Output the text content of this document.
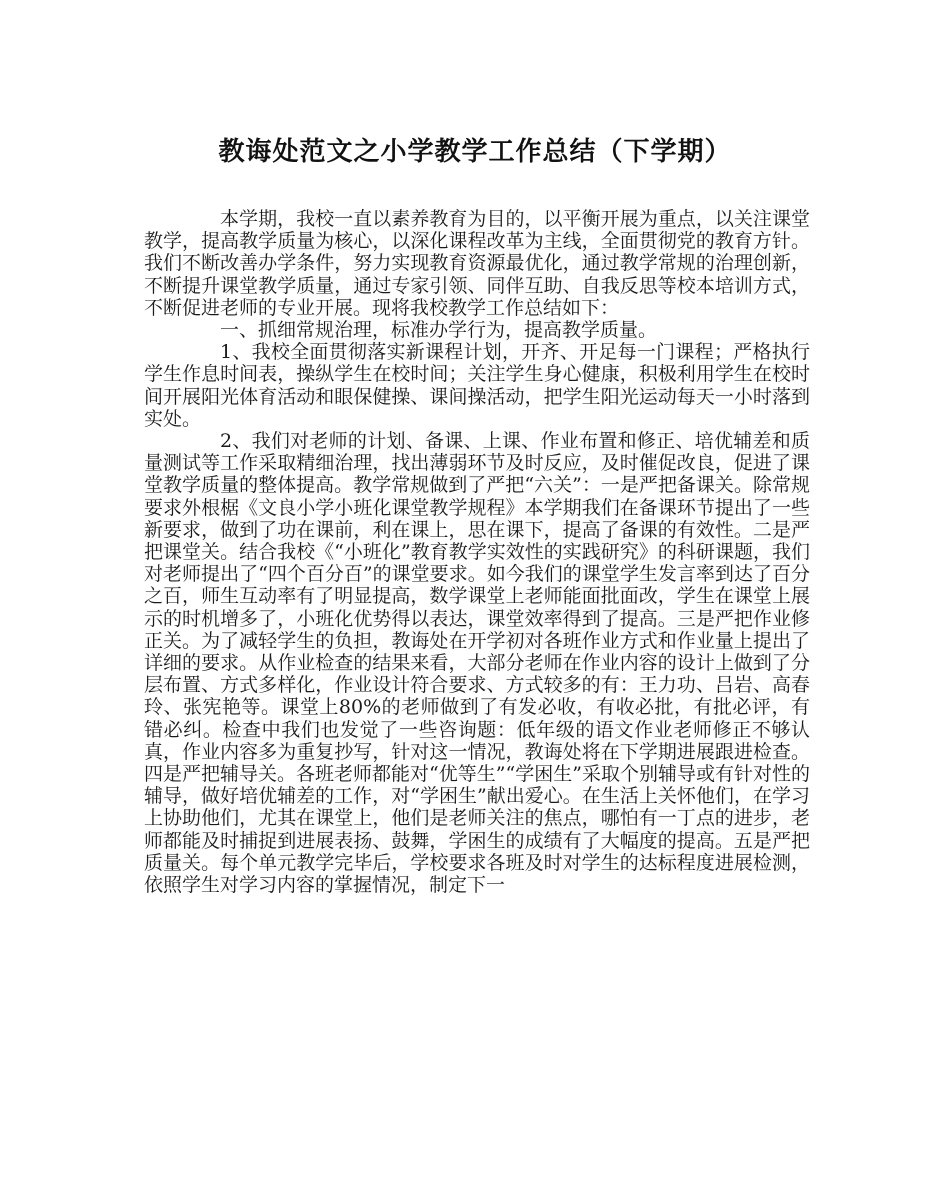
教诲处范文之小学教学工作总结（下学期）

本学期，我校一直以素养教育为目的，以平衡开展为重点，以关注课堂教学，提高教学质量为核心，以深化课程改革为主线，全面贯彻党的教育方针。我们不断改善办学条件，努力实现教育资源最优化，通过教学常规的治理创新，不断提升课堂教学质量，通过专家引领、同伴互助、自我反思等校本培训方式，不断促进老师的专业开展。现将我校教学工作总结如下：

一、抓细常规治理，标准办学行为，提高教学质量。

1、我校全面贯彻落实新课程计划，开齐、开足每一门课程；严格执行学生作息时间表，操纵学生在校时间；关注学生身心健康，积极利用学生在校时间开展阳光体育活动和眼保健操、课间操活动，把学生阳光运动每天一小时落到实处。

2、我们对老师的计划、备课、上课、作业布置和修正、培优辅差和质量测试等工作采取精细治理，找出薄弱环节及时反应，及时催促改良，促进了课堂教学质量的整体提高。教学常规做到了严把“六关”：一是严把备课关。除常规要求外根椐《文良小学小班化课堂教学规程》本学期我们在备课环节提出了一些新要求，做到了功在课前，利在课上，思在课下，提高了备课的有效性。二是严把课堂关。结合我校《“小班化”教育教学实效性的实践研究》的科研课题，我们对老师提出了“四个百分百”的课堂要求。如今我们的课堂学生发言率到达了百分之百，师生互动率有了明显提高，数学课堂上老师能面批面改，学生在课堂上展示的时机增多了，小班化优势得以表达，课堂效率得到了提高。三是严把作业修正关。为了减轻学生的负担，教诲处在开学初对各班作业方式和作业量上提出了详细的要求。从作业检查的结果来看，大部分老师在作业内容的设计上做到了分层布置、方式多样化，作业设计符合要求、方式较多的有：王力功、吕岩、高春玲、张宪艳等。课堂上80%的老师做到了有发必收，有收必批，有批必评，有错必纠。检查中我们也发觉了一些咨询题：低年级的语文作业老师修正不够认真，作业内容多为重复抄写，针对这一情况，教诲处将在下学期进展跟进检查。四是严把辅导关。各班老师都能对“优等生”“学困生”采取个别辅导或有针对性的辅导，做好培优辅差的工作，对“学困生”献出爱心。在生活上关怀他们，在学习上协助他们，尤其在课堂上，他们是老师关注的焦点，哪怕有一丁点的进步，老师都能及时捕捉到进展表扬、鼓舞，学困生的成绩有了大幅度的提高。五是严把质量关。每个单元教学完毕后，学校要求各班及时对学生的达标程度进展检测，依照学生对学习内容的掌握情况，制定下一
